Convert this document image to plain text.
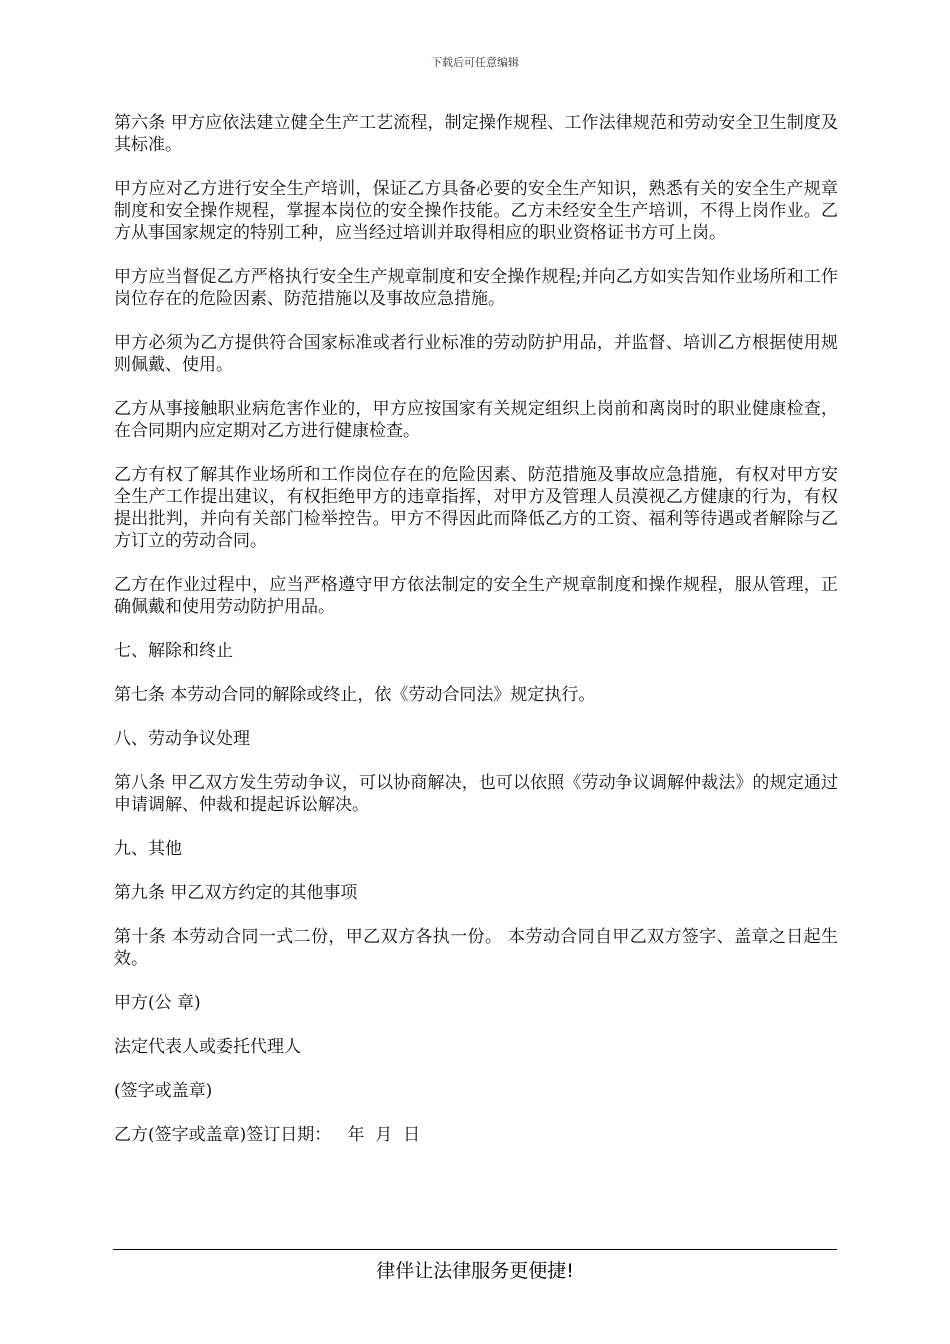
下载后可任意编辑

第六条 甲方应依法建立健全生产工艺流程，制定操作规程、工作法律规范和劳动安全卫生制度及其标准。

甲方应对乙方进行安全生产培训，保证乙方具备必要的安全生产知识，熟悉有关的安全生产规章制度和安全操作规程，掌握本岗位的安全操作技能。乙方未经安全生产培训，不得上岗作业。乙方从事国家规定的特别工种，应当经过培训并取得相应的职业资格证书方可上岗。

甲方应当督促乙方严格执行安全生产规章制度和安全操作规程;并向乙方如实告知作业场所和工作岗位存在的危险因素、防范措施以及事故应急措施。

甲方必须为乙方提供符合国家标准或者行业标准的劳动防护用品，并监督、培训乙方根据使用规则佩戴、使用。

乙方从事接触职业病危害作业的，甲方应按国家有关规定组织上岗前和离岗时的职业健康检查，在合同期内应定期对乙方进行健康检查。

乙方有权了解其作业场所和工作岗位存在的危险因素、防范措施及事故应急措施，有权对甲方安全生产工作提出建议，有权拒绝甲方的违章指挥，对甲方及管理人员漠视乙方健康的行为，有权提出批判，并向有关部门检举控告。甲方不得因此而降低乙方的工资、福利等待遇或者解除与乙方订立的劳动合同。

乙方在作业过程中，应当严格遵守甲方依法制定的安全生产规章制度和操作规程，服从管理，正确佩戴和使用劳动防护用品。

七、解除和终止

第七条 本劳动合同的解除或终止，依《劳动合同法》规定执行。

八、劳动争议处理

第八条 甲乙双方发生劳动争议，可以协商解决，也可以依照《劳动争议调解仲裁法》的规定通过申请调解、仲裁和提起诉讼解决。

九、其他

第九条 甲乙双方约定的其他事项

第十条 本劳动合同一式二份，甲乙双方各执一份。 本劳动合同自甲乙双方签字、盖章之日起生效。

甲方(公 章)

法定代表人或委托代理人

(签字或盖章)

乙方(签字或盖章)签订日期：   年  月  日

律伴让法律服务更便捷!
